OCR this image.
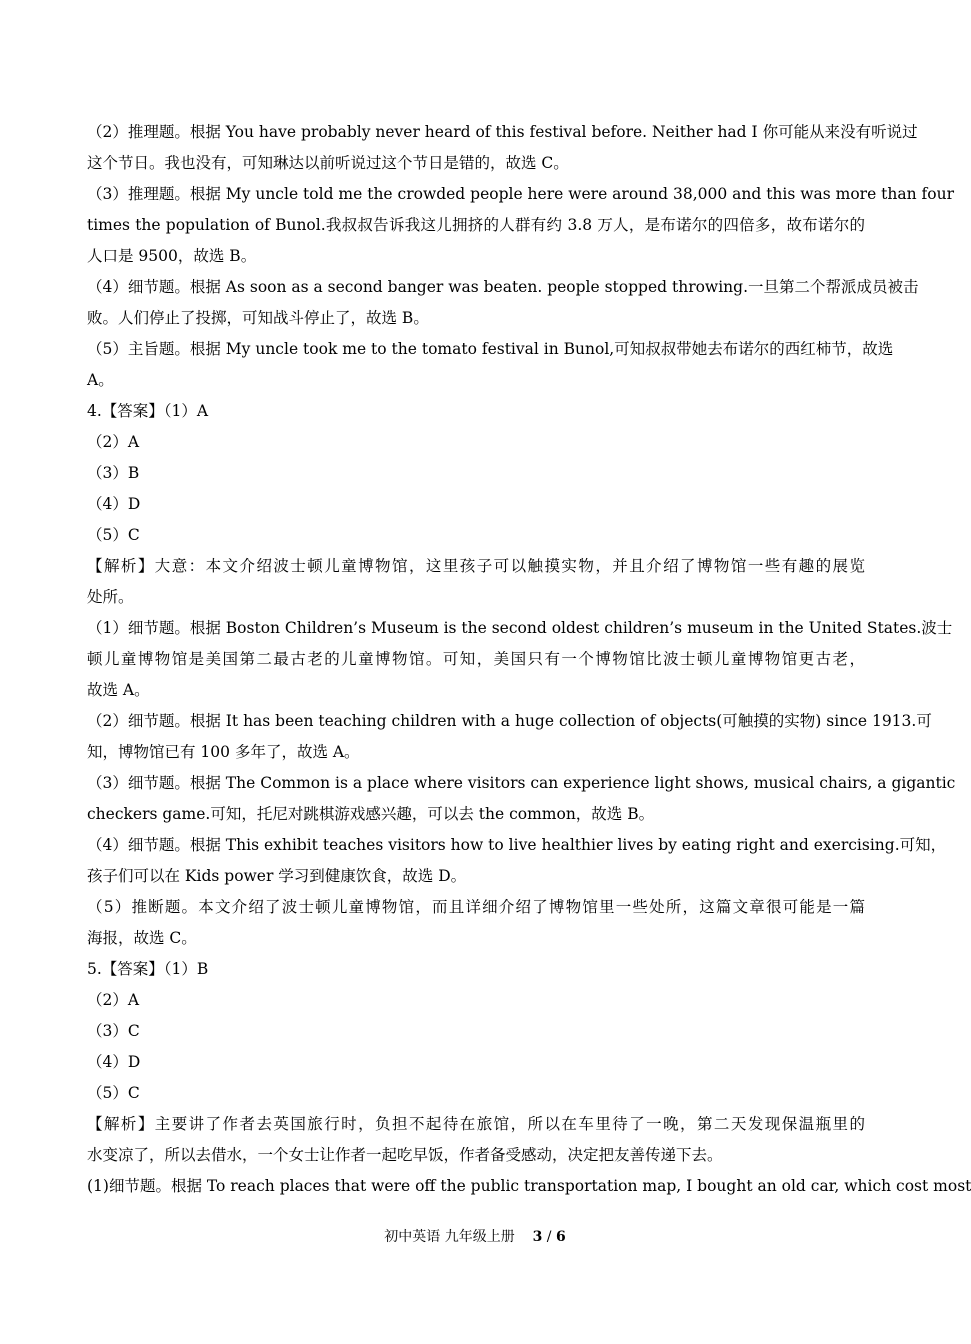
（2）推理题。根据 You have probably never heard of this festival before. Neither had I 你可能从来没有听说过
这个节日。我也没有，可知琳达以前听说过这个节日是错的，故选 C。
（3）推理题。根据 My uncle told me the crowded people here were around 38,000 and this was more than four
times the population of Bunol.我叔叔告诉我这儿拥挤的人群有约 3.8 万人，是布诺尔的四倍多，故布诺尔的
人口是 9500，故选 B。
（4）细节题。根据 As soon as a second banger was beaten. people stopped throwing.一旦第二个帮派成员被击
败。人们停止了投掷，可知战斗停止了，故选 B。
（5）主旨题。根据 My uncle took me to the tomato festival in Bunol,可知叔叔带她去布诺尔的西红柿节，故选
A。
4.【答案】（1）A
（2）A
（3）B
（4）D
（5）C
【解析】大意：本文介绍波士顿儿童博物馆，这里孩子可以触摸实物，并且介绍了博物馆一些有趣的展览
处所。
（1）细节题。根据 Boston Children’s Museum is the second oldest children’s museum in the United States.波士
顿儿童博物馆是美国第二最古老的儿童博物馆。可知，美国只有一个博物馆比波士顿儿童博物馆更古老，
故选 A。
（2）细节题。根据 It has been teaching children with a huge collection of objects(可触摸的实物) since 1913.可
知，博物馆已有 100 多年了，故选 A。
（3）细节题。根据 The Common is a place where visitors can experience light shows, musical chairs, a gigantic
checkers game.可知，托尼对跳棋游戏感兴趣，可以去 the common，故选 B。
（4）细节题。根据 This exhibit teaches visitors how to live healthier lives by eating right and exercising.可知，
孩子们可以在 Kids power 学习到健康饮食，故选 D。
（5）推断题。本文介绍了波士顿儿童博物馆，而且详细介绍了博物馆里一些处所，这篇文章很可能是一篇
海报，故选 C。
5.【答案】（1）B
（2）A
（3）C
（4）D
（5）C
【解析】主要讲了作者去英国旅行时，负担不起待在旅馆，所以在车里待了一晚，第二天发现保温瓶里的
水变凉了，所以去借水，一个女士让作者一起吃早饭，作者备受感动，决定把友善传递下去。
(1)细节题。根据 To reach places that were off the public transportation map, I bought an old car, which cost most
初中英语 九年级上册 3 / 6
